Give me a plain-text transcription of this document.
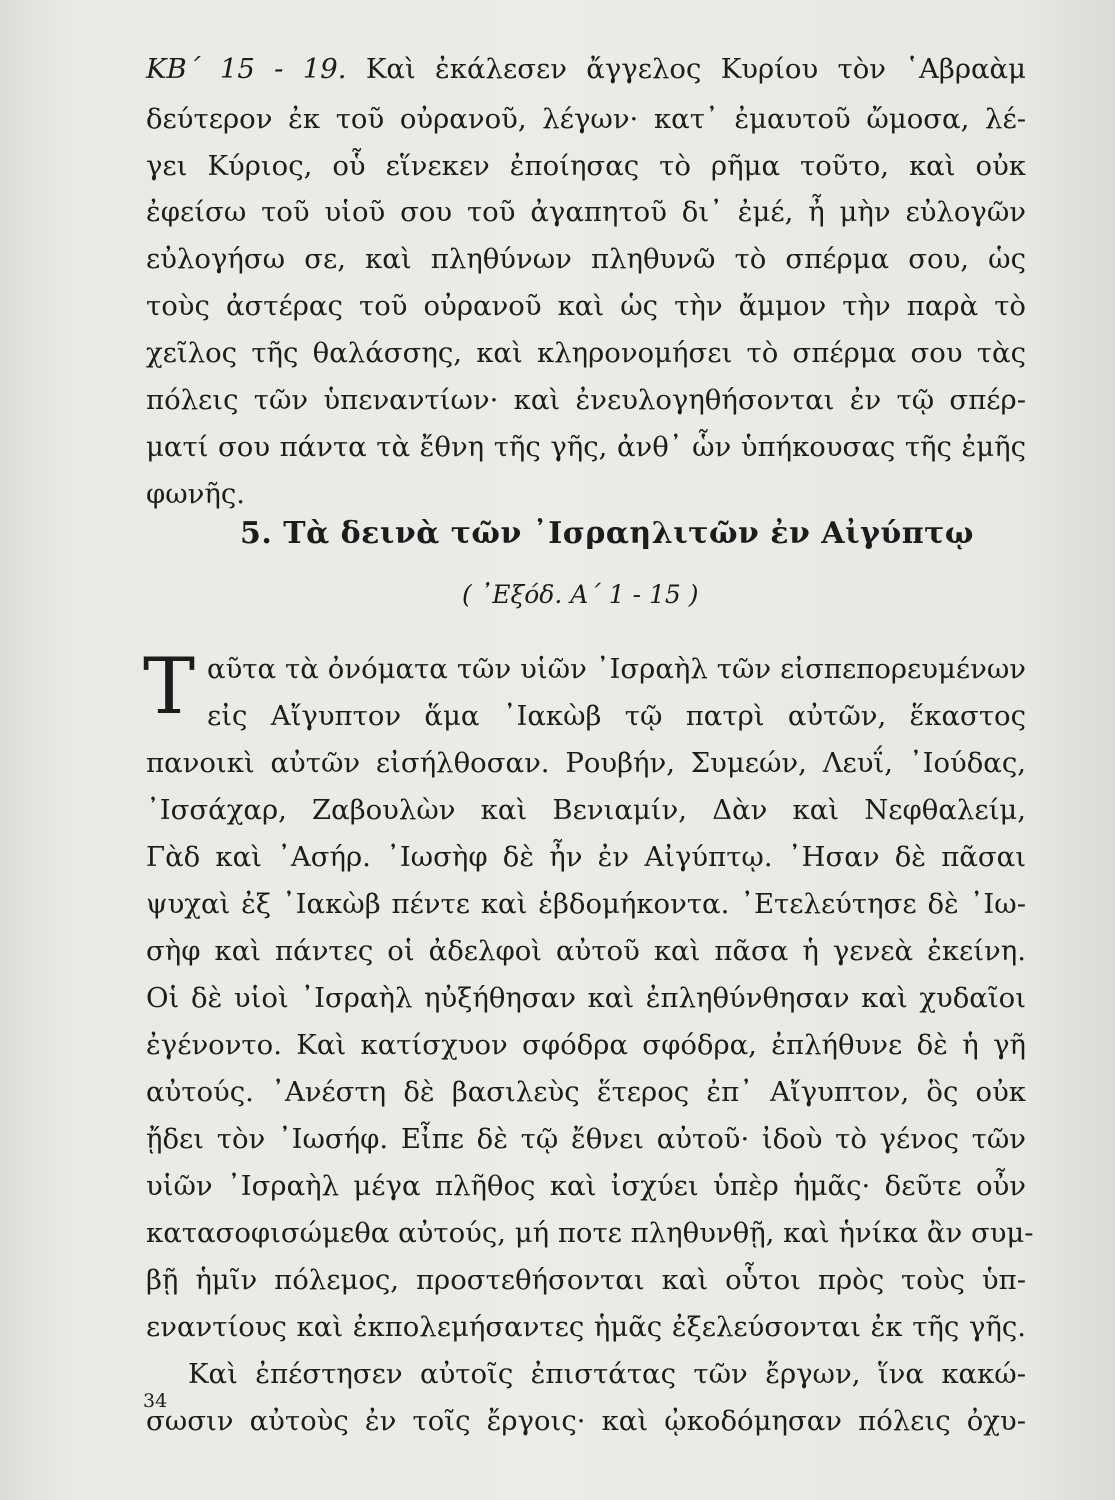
ΚΒ΄ 15 - 19. Καὶ ἐκάλεσεν ἄγγελος Κυρίου τὸν ῾Αβραὰμ
δεύτερον ἐκ τοῦ οὐρανοῦ, λέγων· κατ᾽ ἐμαυτοῦ ὤμοσα, λέ-
γει Κύριος, οὗ εἵνεκεν ἐποίησας τὸ ρῆμα τοῦτο, καὶ οὐκ
ἐφείσω τοῦ υἱοῦ σου τοῦ ἀγαπητοῦ δι᾽ ἐμέ, ἦ μὴν εὐλογῶν
εὐλογήσω σε, καὶ πληθύνων πληθυνῶ τὸ σπέρμα σου, ὡς
τοὺς ἀστέρας τοῦ οὐρανοῦ καὶ ὡς τὴν ἄμμον τὴν παρὰ τὸ
χεῖλος τῆς θαλάσσης, καὶ κληρονομήσει τὸ σπέρμα σου τὰς
πόλεις τῶν ὑπεναντίων· καὶ ἐνευλογηθήσονται ἐν τῷ σπέρ-
ματί σου πάντα τὰ ἔθνη τῆς γῆς, ἀνθ᾽ ὧν ὑπήκουσας τῆς ἐμῆς
φωνῆς.
5. Τὰ δεινὰ τῶν ᾽Ισραηλιτῶν ἐν Αἰγύπτῳ
( ᾽Εξόδ. Α΄ 1 - 15 )
Τ αῦτα τὰ ὀνόματα τῶν υἱῶν ᾽Ισραὴλ τῶν εἰσπεπορευμένων
εἰς Αἴγυπτον ἅμα ᾽Ιακὼβ τῷ πατρὶ αὐτῶν, ἕκαστος
πανοικὶ αὐτῶν εἰσήλθοσαν. Ρουβήν, Συμεών, Λευΐ, ᾽Ιούδας,
᾽Ισσάχαρ, Ζαβουλὼν καὶ Βενιαμίν, Δὰν καὶ Νεφθαλείμ,
Γὰδ καὶ ᾽Ασήρ. ᾽Ιωσὴφ δὲ ἦν ἐν Αἰγύπτῳ. ᾽Ησαν δὲ πᾶσαι
ψυχαὶ ἐξ ᾽Ιακὼβ πέντε καὶ ἑβδομήκοντα. ᾽Ετελεύτησε δὲ ᾽Ιω-
σὴφ καὶ πάντες οἱ ἀδελφοὶ αὐτοῦ καὶ πᾶσα ἡ γενεὰ ἐκείνη.
Οἱ δὲ υἱοὶ ᾽Ισραὴλ ηὐξήθησαν καὶ ἐπληθύνθησαν καὶ χυδαῖοι
ἐγένοντο. Καὶ κατίσχυον σφόδρα σφόδρα, ἐπλήθυνε δὲ ἡ γῆ
αὐτούς. ᾽Ανέστη δὲ βασιλεὺς ἕτερος ἐπ᾽ Αἴγυπτον, ὃς οὐκ
ᾔδει τὸν ᾽Ιωσήφ. Εἶπε δὲ τῷ ἔθνει αὐτοῦ· ἰδοὺ τὸ γένος τῶν
υἱῶν ᾽Ισραὴλ μέγα πλῆθος καὶ ἰσχύει ὑπὲρ ἡμᾶς· δεῦτε οὖν
κατασοφισώμεθα αὐτούς, μή ποτε πληθυνθῇ, καὶ ἡνίκα ἂν συμ-
βῇ ἡμῖν πόλεμος, προστεθήσονται καὶ οὗτοι πρὸς τοὺς ὑπ-
εναντίους καὶ ἐκπολεμήσαντες ἡμᾶς ἐξελεύσονται ἐκ τῆς γῆς.
Καὶ ἐπέστησεν αὐτοῖς ἐπιστάτας τῶν ἔργων, ἵνα κακώ-
σωσιν αὐτοὺς ἐν τοῖς ἔργοις· καὶ ᾠκοδόμησαν πόλεις ὀχυ-
34
